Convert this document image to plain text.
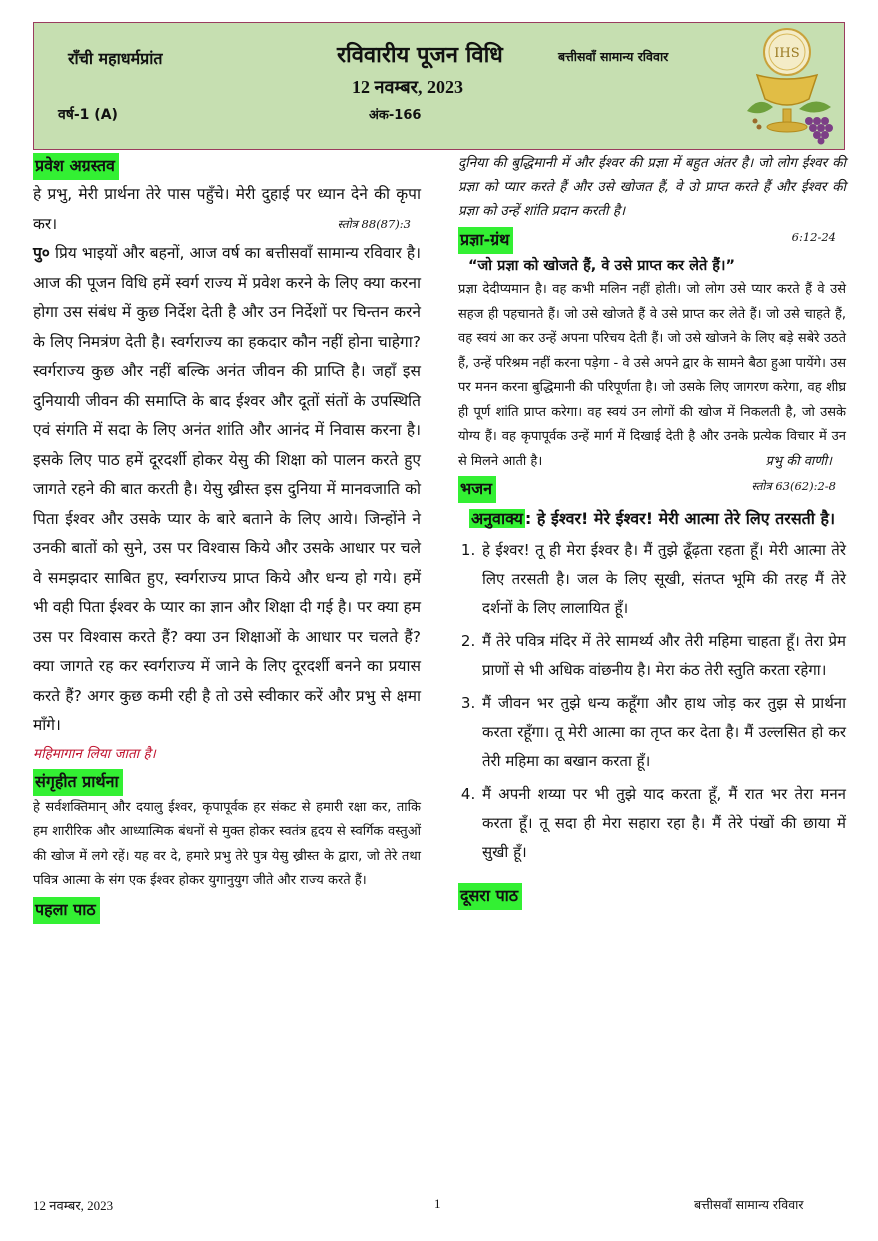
राँची महाधर्मप्रांत	रविवारीय पूजन विधि	बत्तीसवाँ सामान्य रविवार
12 नवम्बर, 2023
वर्ष-1 (A)	अंक-166
IHS
प्रवेश अग्रस्तव
हे प्रभु, मेरी प्रार्थना तेरे पास पहुँचे। मेरी दुहाई पर ध्यान देने की कृपा कर।	स्तोत्र 88(87):3
पु० प्रिय भाइयों और बहनों, आज वर्ष का बत्तीसवाँ सामान्य रविवार है। आज की पूजन विधि हमें स्वर्ग राज्य में प्रवेश करने के लिए क्या करना होगा उस संबंध में कुछ निर्देश देती है और उन निर्देशों पर चिन्तन करने के लिए निमत्रंण देती है। स्वर्गराज्य का हकदार कौन नहीं होना चाहेगा? स्वर्गराज्य कुछ और नहीं बल्कि अनंत जीवन की प्राप्ति है। जहाँ इस दुनियायी जीवन की समाप्ति के बाद ईश्वर और दूतों संतों के उपस्थिति एवं संगति में सदा के लिए अनंत शांति और आनंद में निवास करना है। इसके लिए पाठ हमें दूरदर्शी होकर येसु की शिक्षा को पालन करते हुए जागते रहने की बात करती है। येसु ख्रीस्त इस दुनिया में मानवजाति को पिता ईश्वर और उसके प्यार के बारे बताने के लिए आये। जिन्होंने ने उनकी बातों को सुने, उस पर विश्वास किये और उसके आधार पर चले वे समझदार साबित हुए, स्वर्गराज्य प्राप्त किये और धन्य हो गये। हमें भी वही पिता ईश्वर के प्यार का ज्ञान और शिक्षा दी गई है। पर क्या हम उस पर विश्वास करते हैं? क्या उन शिक्षाओं के आधार पर चलते हैं? क्या जागते रह कर स्वर्गराज्य में जाने के लिए दूरदर्शी बनने का प्रयास करते हैं? अगर कुछ कमी रही है तो उसे स्वीकार करें और प्रभु से क्षमा माँगे।
महिमागान लिया जाता है।
संगृहीत प्रार्थना
हे सर्वशक्तिमान् और दयालु ईश्वर, कृपापूर्वक हर संकट से हमारी रक्षा कर, ताकि हम शारीरिक और आध्यात्मिक बंधनों से मुक्त होकर स्वतंत्र हृदय से स्वर्गिक वस्तुओं की खोज में लगे रहें। यह वर दे, हमारे प्रभु तेरे पुत्र येसु ख्रीस्त के द्वारा, जो तेरे तथा पवित्र आत्मा के संग एक ईश्वर होकर युगानुयुग जीते और राज्य करते हैं।
पहला पाठ
दुनिया की बुद्धिमानी में और ईश्वर की प्रज्ञा में बहुत अंतर है। जो लोग ईश्वर की प्रज्ञा को प्यार करते हैं और उसे खोजत हैं, वे उो प्राप्त करते हैं और ईश्वर की प्रज्ञा को उन्हें शांति प्रदान करती है।
प्रज्ञा-ग्रंथ	6:12-24
“जो प्रज्ञा को खोजते हैं, वे उसे प्राप्त कर लेते हैं।”
प्रज्ञा देदीप्यमान है। वह कभी मलिन नहीं होती। जो लोग उसे प्यार करते हैं वे उसे सहज ही पहचानते हैं। जो उसे खोजते हैं वे उसे प्राप्त कर लेते हैं। जो उसे चाहते हैं, वह स्वयं आ कर उन्हें अपना परिचय देती हैं। जो उसे खोजने के लिए बड़े सबेरे उठते हैं, उन्हें परिश्रम नहीं करना पड़ेगा - वे उसे अपने द्वार के सामने बैठा हुआ पायेंगे। उस पर मनन करना बुद्धिमानी की परिपूर्णता है। जो उसके लिए जागरण करेगा, वह शीघ्र ही पूर्ण शांति प्राप्त करेगा। वह स्वयं उन लोगों की खोज में निकलती है, जो उसके योग्य हैं। वह कृपापूर्वक उन्हें मार्ग में दिखाई देती है और उनके प्रत्येक विचार में उन से मिलने आती है।	प्रभु की वाणी।
भजन	स्तोत्र 63(62):2-8
अनुवाक्य : हे ईश्वर! मेरे ईश्वर! मेरी आत्मा तेरे लिए तरसती है।
1. हे ईश्वर! तू ही मेरा ईश्वर है। मैं तुझे ढूँढ़ता रहता हूँ। मेरी आत्मा तेरे लिए तरसती है। जल के लिए सूखी, संतप्त भूमि की तरह मैं तेरे दर्शनों के लिए लालायित हूँ।
2. मैं तेरे पवित्र मंदिर में तेरे सामर्थ्य और तेरी महिमा चाहता हूँ। तेरा प्रेम प्राणों से भी अधिक वांछनीय है। मेरा कंठ तेरी स्तुति करता रहेगा।
3. मैं जीवन भर तुझे धन्य कहूँगा और हाथ जोड़ कर तुझ से प्रार्थना करता रहूँगा। तू मेरी आत्मा का तृप्त कर देता है। मैं उल्लसित हो कर तेरी महिमा का बखान करता हूँ।
4. मैं अपनी शय्या पर भी तुझे याद करता हूँ, मैं रात भर तेरा मनन करता हूँ। तू सदा ही मेरा सहारा रहा है। मैं तेरे पंखों की छाया में सुखी हूँ।
दूसरा पाठ
12 नवम्बर, 2023	1	बत्तीसवाँ सामान्य रविवार
